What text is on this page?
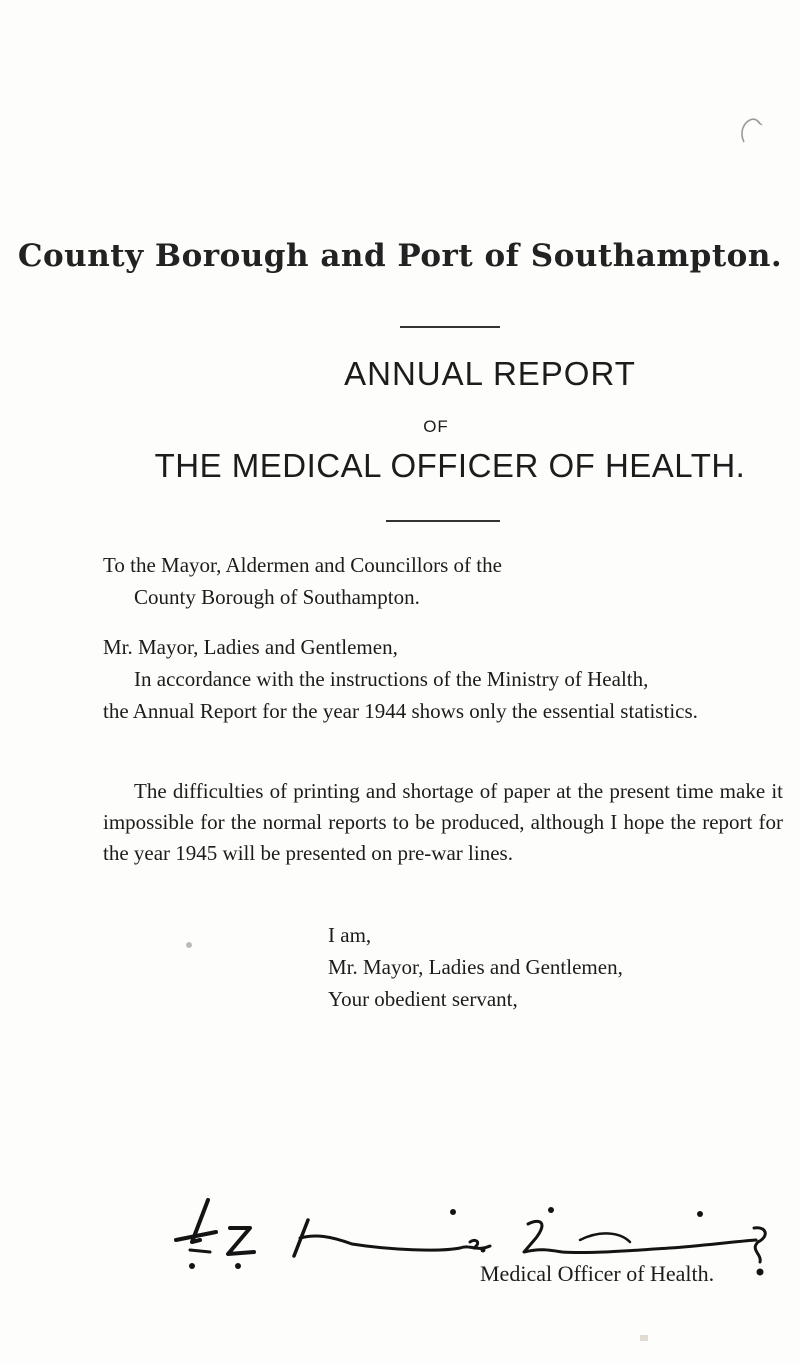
County Borough and Port of Southampton.
ANNUAL REPORT
OF
THE MEDICAL OFFICER OF HEALTH.
To the Mayor, Aldermen and Councillors of the
County Borough of Southampton.
Mr. Mayor, Ladies and Gentlemen,
In accordance with the instructions of the Ministry of Health,
the Annual Report for the year 1944 shows only the essential statistics.
The difficulties of printing and shortage of paper at the present time make it impossible for the normal reports to be produced, although I hope the report for the year 1945 will be presented on pre-war lines.
I am,
Mr. Mayor, Ladies and Gentlemen,
Your obedient servant,
Medical Officer of Health.
